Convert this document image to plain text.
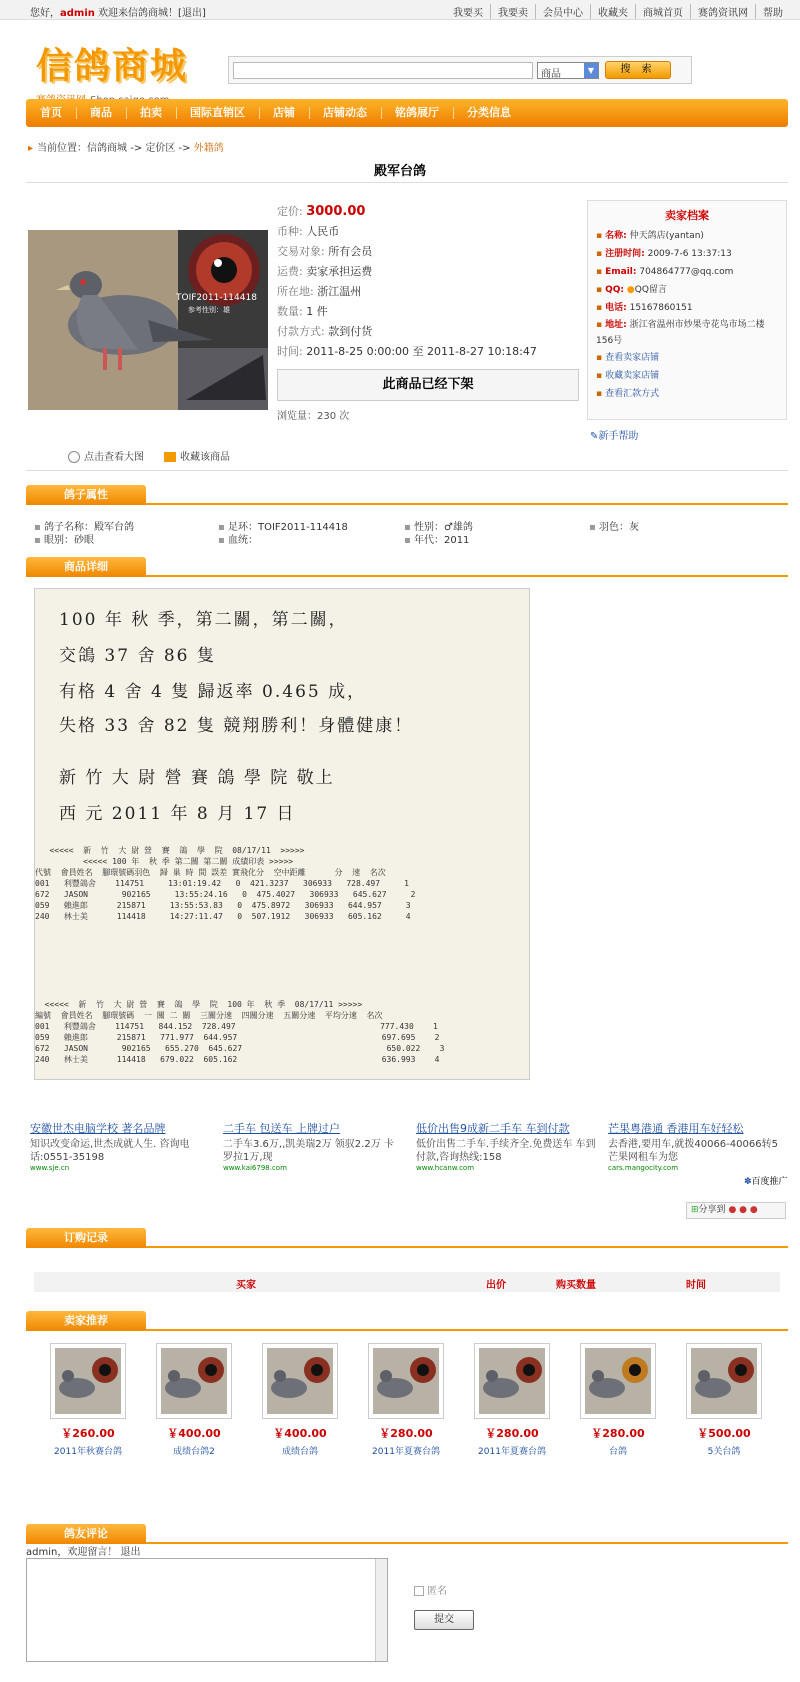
您好，admin 欢迎来信鸽商城！[退出]	我要买	我要卖	会员中心	收藏夹	商城首页	赛鸽资讯网	帮助
信鸽商城	商品	▼	搜 索
首页	商品	拍卖	国际直销区	店铺	店铺动态	铭鸽展厅	分类信息
▸ 当前位置：信鸽商城 -> 定价区 -> 外籍鸽
殿军台鸽
TOIF2011-114418
参考性别：雄
定价: 3000.00
币种: 人民币
交易对象: 所有会员
运费: 卖家承担运费
所在地: 浙江温州
数量: 1 件
付款方式: 款到付货
时间: 2011-8-25 0:00:00 至 2011-8-27 10:18:47
此商品已经下架
浏览量：230 次
卖家档案
▪ 名称: 仲天鸽店(yantan)
▪ 注册时间: 2009-7-6 13:37:13
▪ Email: 704864777@qq.com
▪ QQ: ●QQ留言
▪ 电话: 15167860151
▪ 地址: 浙江省温州市炒果寺花鸟市场二楼156号
▪ 查看卖家店铺
▪ 收藏卖家店铺
▪ 查看汇款方式
✎新手帮助
点击查看大图	收藏该商品
鸽子属性
▪ 鸽子名称：殿军台鸽	▪ 足环：TOIF2011-114418	▪ 性别：♂雄鸽	▪ 羽色：灰
▪ 眼别：砂眼	▪ 血统：	▪ 年代：2011
商品详细
100 年 秋 季，第二關，第二關，
交鴿 37 舍 86 隻
有格 4 舍 4 隻 歸返率 0.465 成，
失格 33 舍 82 隻 競翔勝利！身體健康！
新 竹 大 尉 營 賽 鴿 學 院 敬上
西 元 2011 年 8 月 17 日
<<<<<  新  竹  大 尉 營  賽  鴿  學  院  08/17/11  >>>>>
<<<<< 100 年  秋 季 第二關 第二關 成績印表 >>>>>
代號  會員姓名  腳環號碼羽色  歸 巢 時 間 誤差 實飛化分  空中距離      分  速  名次
001   利豐鴿舍    114751     13:01:19.42   0  421.3237   306933   728.497     1
672   JASON       902165     13:55:24.16   0  475.4027   306933   645.627     2
059   賴進郎      215871     13:55:53.83   0  475.8972   306933   644.957     3
240   林士美      114418     14:27:11.47   0  507.1912   306933   605.162     4
<<<<<  新  竹  大 尉 營  賽  鴿  學  院  100 年  秋 季  08/17/11 >>>>>
編號  會員姓名  腳環號碼  一 關 二 關  三關分速  四關分速  五關分速  平均分速  名次
001   利豐鴿舍    114751   844.152  728.497                              777.430    1
059   賴進郎      215871   771.977  644.957                              697.695    2
672   JASON       902165   655.270  645.627                              650.022    3
240   林士美      114418   679.022  605.162                              636.993    4
安徽世杰电脑学校 著名品牌
知识改变命运,世杰成就人生. 咨询电话:0551-35198
www.sje.cn
二手车 包送车 上牌过户
二手车3.6万,,凯美瑞2万 领驭2.2万 卡罗拉1万,现
www.kai6798.com
低价出售9成新二手车 车到付款
低价出售二手车.手续齐全.免费送车 车到付款,咨询热线:158
www.hcanw.com
芒果粤港通 香港用车好轻松
去香港,要用车,就拨40066-40066转5 芒果网租车为您
cars.mangocity.com
✽百度推广
⊞分享到 ● ● ●
订购记录
买家	出价	购买数量	时间
卖家推荐
￥260.00
2011年秋赛台鸽
￥400.00
成绩台鸽2
￥400.00
成绩台鸽
￥280.00
2011年夏赛台鸽
￥280.00
2011年夏赛台鸽
￥280.00
台鸽
￥500.00
5关台鸽
鸽友评论
admin，欢迎留言！ 退出
匿名
提交
